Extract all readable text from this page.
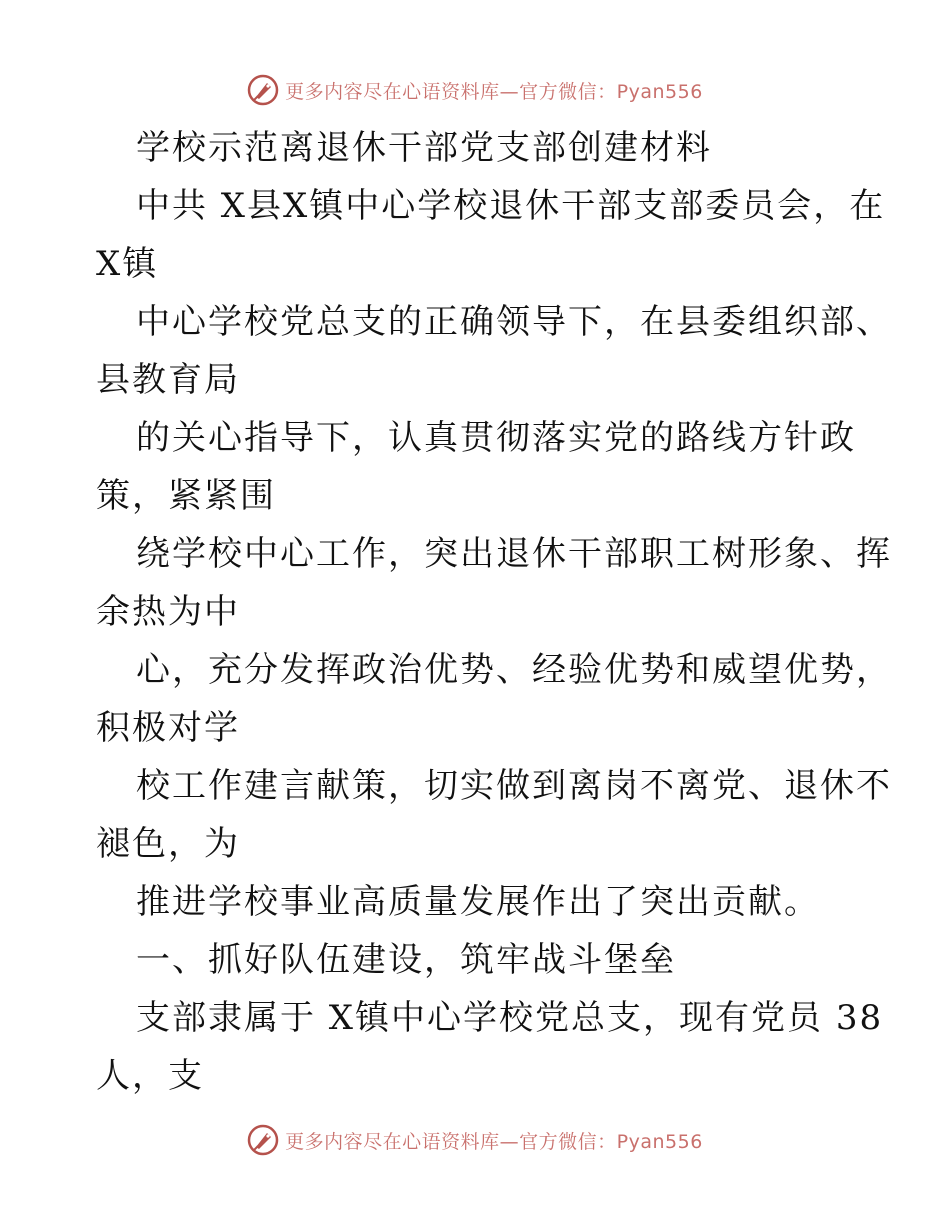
更多内容尽在心语资料库—官方微信：Pyan556
学校示范离退休干部党支部创建材料
中共 X县X镇中心学校退休干部支部委员会，在
X镇
中心学校党总支的正确领导下，在县委组织部、
县教育局
的关心指导下，认真贯彻落实党的路线方针政
策，紧紧围
绕学校中心工作，突出退休干部职工树形象、挥
余热为中
心，充分发挥政治优势、经验优势和威望优势，
积极对学
校工作建言献策，切实做到离岗不离党、退休不
褪色，为
推进学校事业高质量发展作出了突出贡献。
一、抓好队伍建设，筑牢战斗堡垒
支部隶属于 X镇中心学校党总支，现有党员 38
人，支
更多内容尽在心语资料库—官方微信：Pyan556
